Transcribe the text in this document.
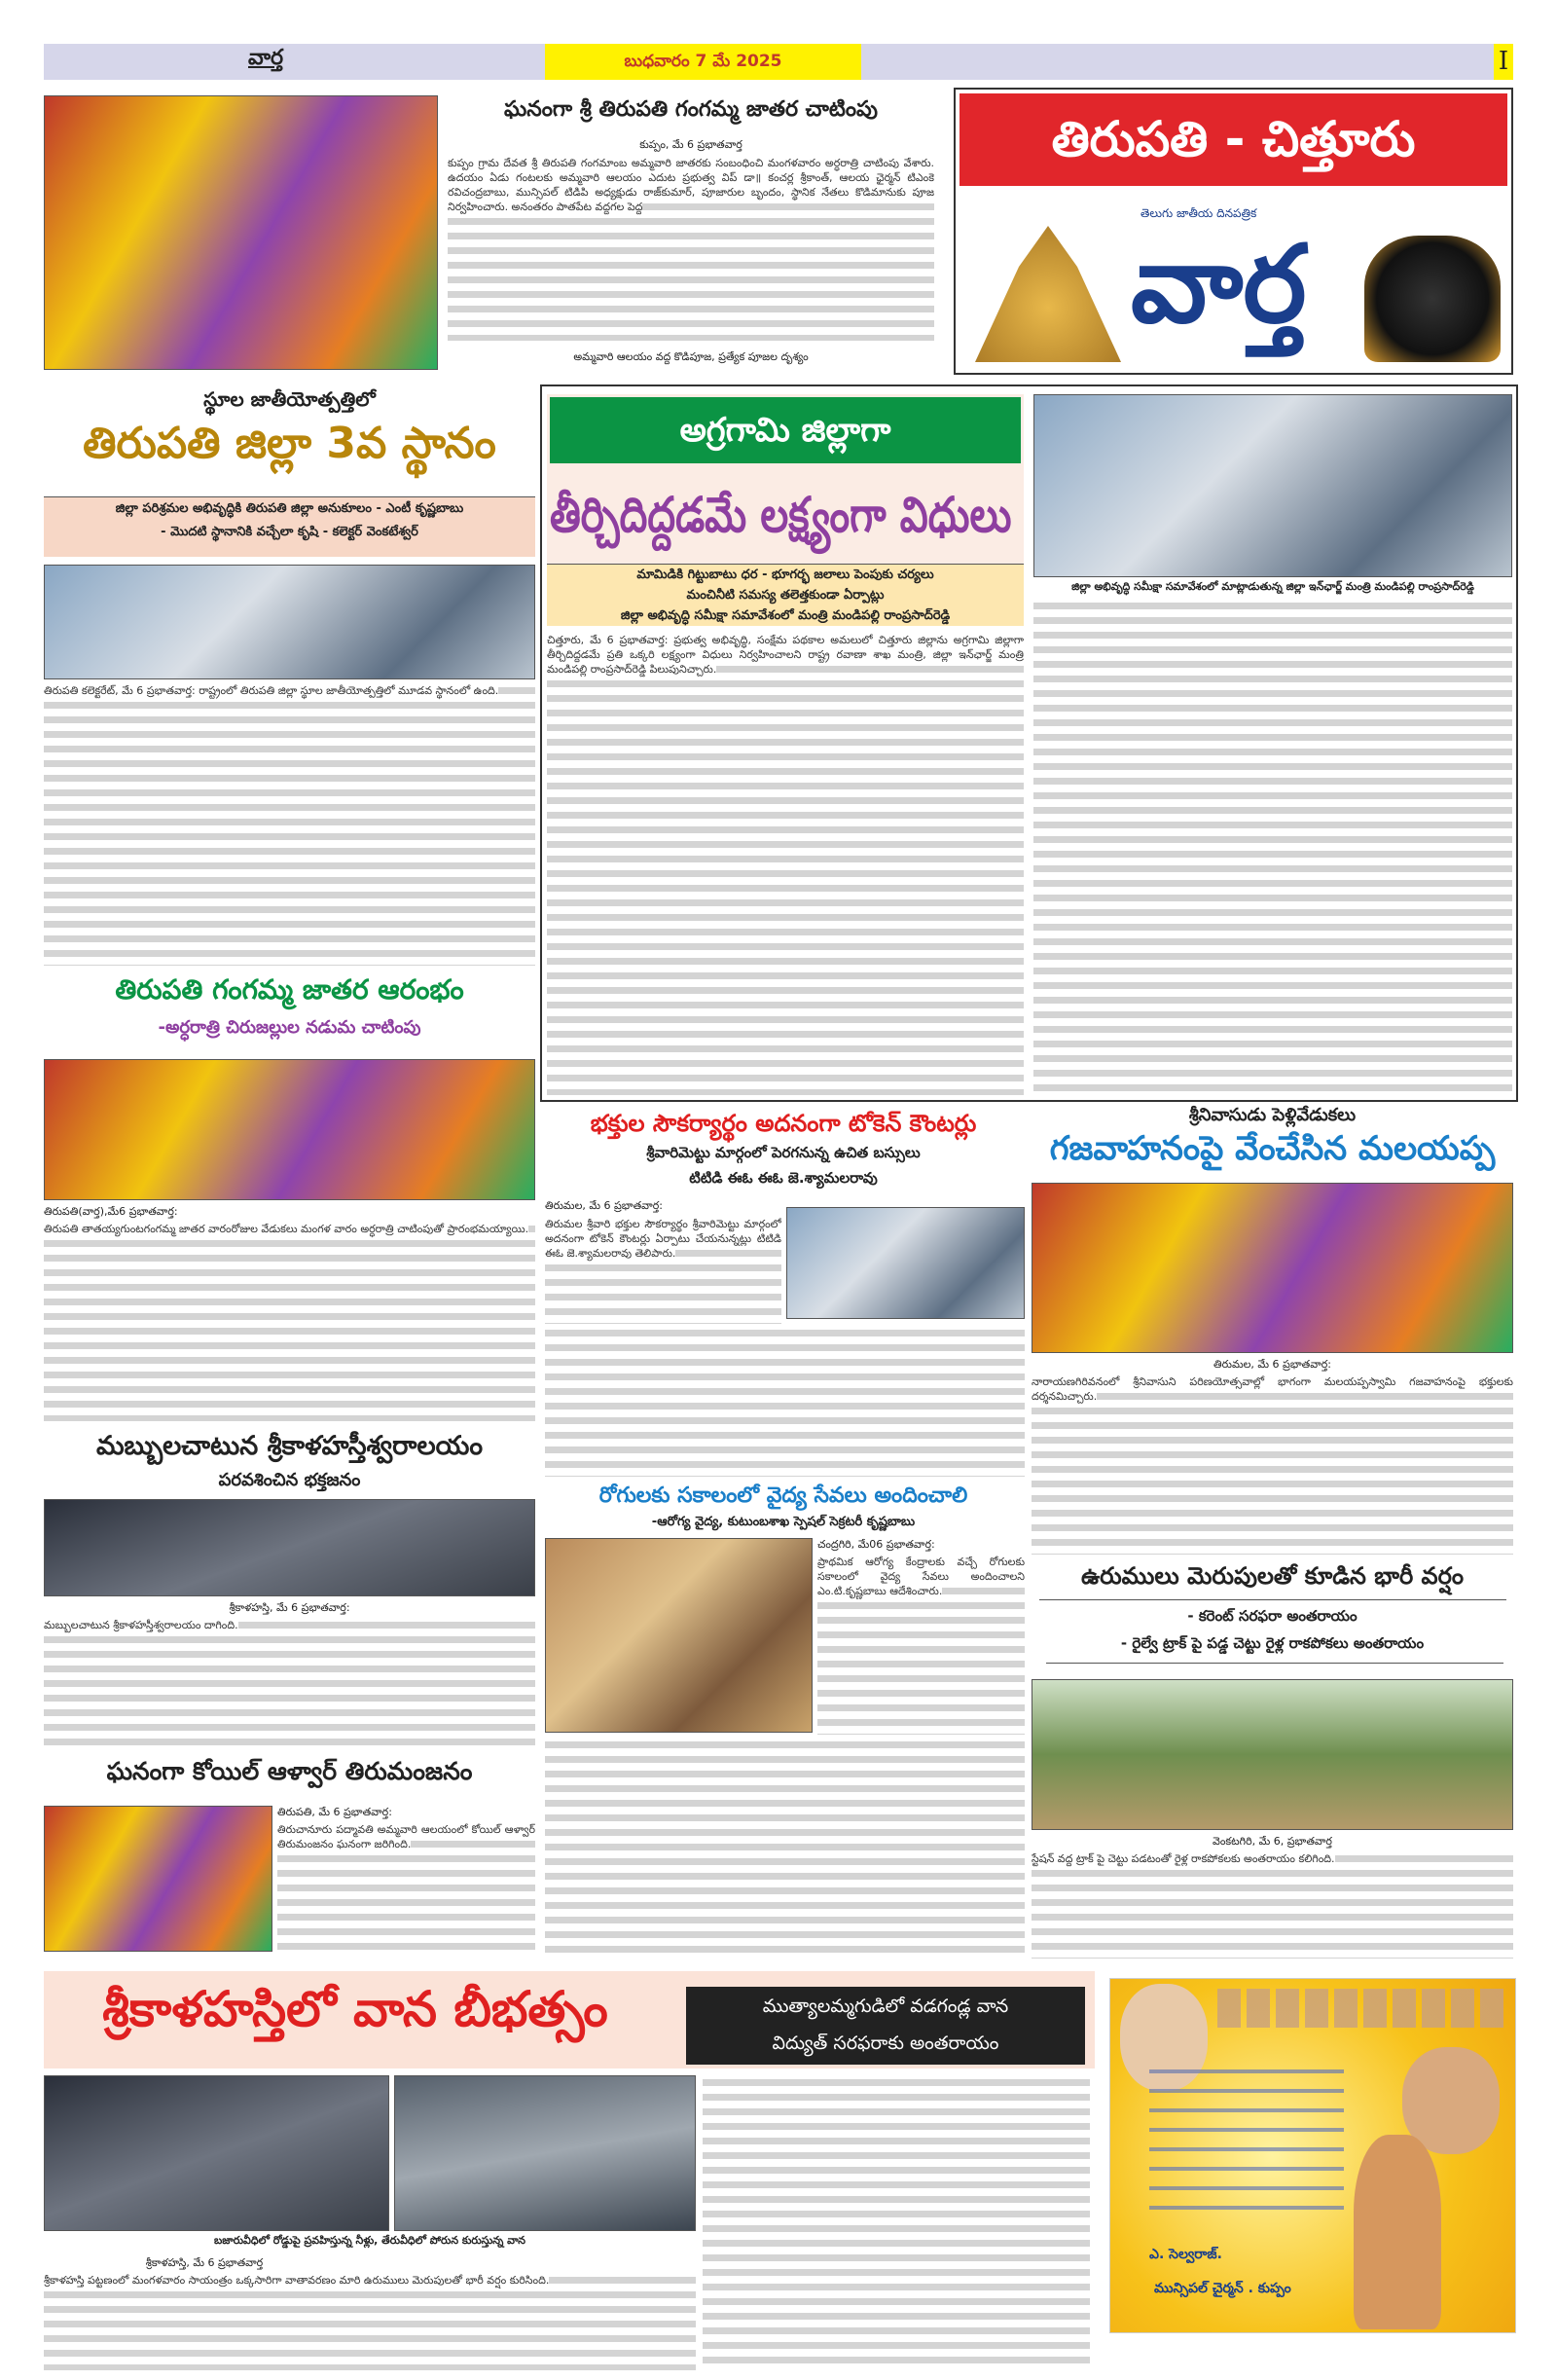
వార్త	బుధవారం 7 మే 2025	I
ఘనంగా శ్రీ తిరుపతి గంగమ్మ జాతర చాటింపు
కుప్పం, మే 6 ప్రభాతవార్త

కుప్పం గ్రామ దేవత శ్రీ తిరుపతి గంగమాంబ అమ్మవారి జాతరకు సంబంధించి మంగళవారం అర్ధరాత్రి చాటింపు వేశారు. ఉదయం ఏడు గంటలకు అమ్మవారి ఆలయం ఎదుట ప్రభుత్వ విప్ డా॥ కంచర్ల శ్రీకాంత్, ఆలయ ఛైర్మన్ టిఎంకె రవిచంద్రబాబు, మున్సిపల్ టిడిపి అధ్యక్షుడు రాజ్‌కుమార్, పూజారుల బృందం, స్థానిక నేతలు కొడిమానుకు పూజ నిర్వహించారు. అనంతరం పాతపేట వద్దగల పెద్ద

అమ్మవారి ఆలయం వద్ద కొడిపూజ, ప్రత్యేక పూజల దృశ్యం
తిరుపతి - చిత్తూరు
తెలుగు జాతీయ దినపత్రిక
వార్త
స్థూల జాతీయోత్పత్తిలో
తిరుపతి జిల్లా 3వ స్థానం
జిల్లా పరిశ్రమల అభివృద్ధికి తిరుపతి జిల్లా అనుకూలం - ఎంటీ కృష్ణబాబు
- మొదటి స్థానానికి వచ్చేలా కృషి - కలెక్టర్ వెంకటేశ్వర్

తిరుపతి కలెక్టరేట్, మే 6 ప్రభాతవార్త: రాష్ట్రంలో తిరుపతి జిల్లా స్థూల జాతీయోత్పత్తిలో మూడవ స్థానంలో ఉంది.

తిరుపతి గంగమ్మ జాతర ఆరంభం
-అర్ధరాత్రి చిరుజల్లుల నడుమ చాటింపు
తిరుపతి(వార్త),మే6 ప్రభాతవార్త:

తిరుపతి తాతయ్యగుంటగంగమ్మ జాతర వారంరోజుల వేడుకలు మంగళ వారం అర్ధరాత్రి చాటింపుతో ప్రారంభమయ్యాయి.

మబ్బులచాటున శ్రీకాళహస్తీశ్వరాలయం
పరవశించిన భక్తజనం
శ్రీకాళహస్తి, మే 6 ప్రభాతవార్త:

మబ్బులచాటున శ్రీకాళహస్తీశ్వరాలయం దాగింది.

ఘనంగా కోయిల్ ఆళ్వార్ తిరుమంజనం
తిరుపతి, మే 6 ప్రభాతవార్త:

తిరుచానూరు పద్మావతి అమ్మవారి ఆలయంలో కోయిల్ ఆళ్వార్ తిరుమంజనం ఘనంగా జరిగింది.

అగ్రగామి జిల్లాగా
తీర్చిదిద్దడమే లక్ష్యంగా విధులు
మామిడికి గిట్టుబాటు ధర - భూగర్భ జలాలు పెంపుకు చర్యలు
మంచినీటి సమస్య తలెత్తకుండా ఏర్పాట్లు
జిల్లా అభివృద్ధి సమీక్షా సమావేశంలో మంత్రి మండిపల్లి రాంప్రసాద్‌రెడ్డి
జిల్లా అభివృద్ధి సమీక్షా సమావేశంలో మాట్లాడుతున్న జిల్లా ఇన్‌ఛార్జ్ మంత్రి మండిపల్లి రాంప్రసాద్‌రెడ్డి

చిత్తూరు, మే 6 ప్రభాతవార్త: ప్రభుత్వ అభివృద్ధి, సంక్షేమ పథకాల అమలులో చిత్తూరు జిల్లాను అగ్రగామి జిల్లాగా తీర్చిదిద్దడమే ప్రతి ఒక్కరి లక్ష్యంగా విధులు నిర్వహించాలని రాష్ట్ర రవాణా శాఖ మంత్రి, జిల్లా ఇన్‌ఛార్జ్ మంత్రి మండిపల్లి రాంప్రసాద్‌రెడ్డి పిలుపునిచ్చారు.

భక్తుల సౌకర్యార్థం అదనంగా టోకెన్ కౌంటర్లు
శ్రీవారిమెట్టు మార్గంలో పెరగనున్న ఉచిత బస్సులు
టిటిడి ఈఓ ఈఓ జె.శ్యామలరావు
తిరుమల, మే 6 ప్రభాతవార్త:

తిరుమల శ్రీవారి భక్తుల సౌకర్యార్థం శ్రీవారిమెట్టు మార్గంలో అదనంగా టోకెన్ కౌంటర్లు ఏర్పాటు చేయనున్నట్లు టిటిడి ఈఓ జె.శ్యామలరావు తెలిపారు.

రోగులకు సకాలంలో వైద్య సేవలు అందించాలి
-ఆరోగ్య వైద్య, కుటుంబశాఖ స్పెషల్ సెక్రటరీ కృష్ణబాబు
చంద్రగిరి, మే06 ప్రభాతవార్త:

ప్రాథమిక ఆరోగ్య కేంద్రాలకు వచ్చే రోగులకు సకాలంలో వైద్య సేవలు అందించాలని ఎం.టి.కృష్ణబాబు ఆదేశించారు.

శ్రీనివాసుడు పెళ్లివేడుకలు
గజవాహనంపై వేంచేసిన మలయప్ప
తిరుమల, మే 6 ప్రభాతవార్త:

నారాయణగిరివనంలో శ్రీనివాసుని పరిణయోత్సవాల్లో భాగంగా మలయప్పస్వామి గజవాహనంపై భక్తులకు దర్శనమిచ్చారు.

ఉరుములు మెరుపులతో కూడిన భారీ వర్షం
- కరెంట్ సరఫరా అంతరాయం
- రైల్వే ట్రాక్ పై పడ్డ చెట్టు రైళ్ల రాకపోకలు అంతరాయం
వెంకటగిరి, మే 6, ప్రభాతవార్త

స్టేషన్ వద్ద ట్రాక్ పై చెట్టు పడటంతో రైళ్ల రాకపోకలకు అంతరాయం కలిగింది.

శ్రీకాళహస్తిలో వాన బీభత్సం	ముత్యాలమ్మగుడిలో వడగండ్ల వాన
విద్యుత్ సరఫరాకు అంతరాయం
బజారువీధిలో రోడ్డుపై ప్రవహిస్తున్న నీళ్లు, తేరువీధిలో పోరున కురుస్తున్న వాన
శ్రీకాళహస్తి, మే 6 ప్రభాతవార్త

శ్రీకాళహస్తి పట్టణంలో మంగళవారం సాయంత్రం ఒక్కసారిగా వాతావరణం మారి ఉరుములు మెరుపులతో భారీ వర్షం కురిసింది.

ఎ. సెల్వరాజ్.
మున్సిపల్ చైర్మన్ . కుప్పం
